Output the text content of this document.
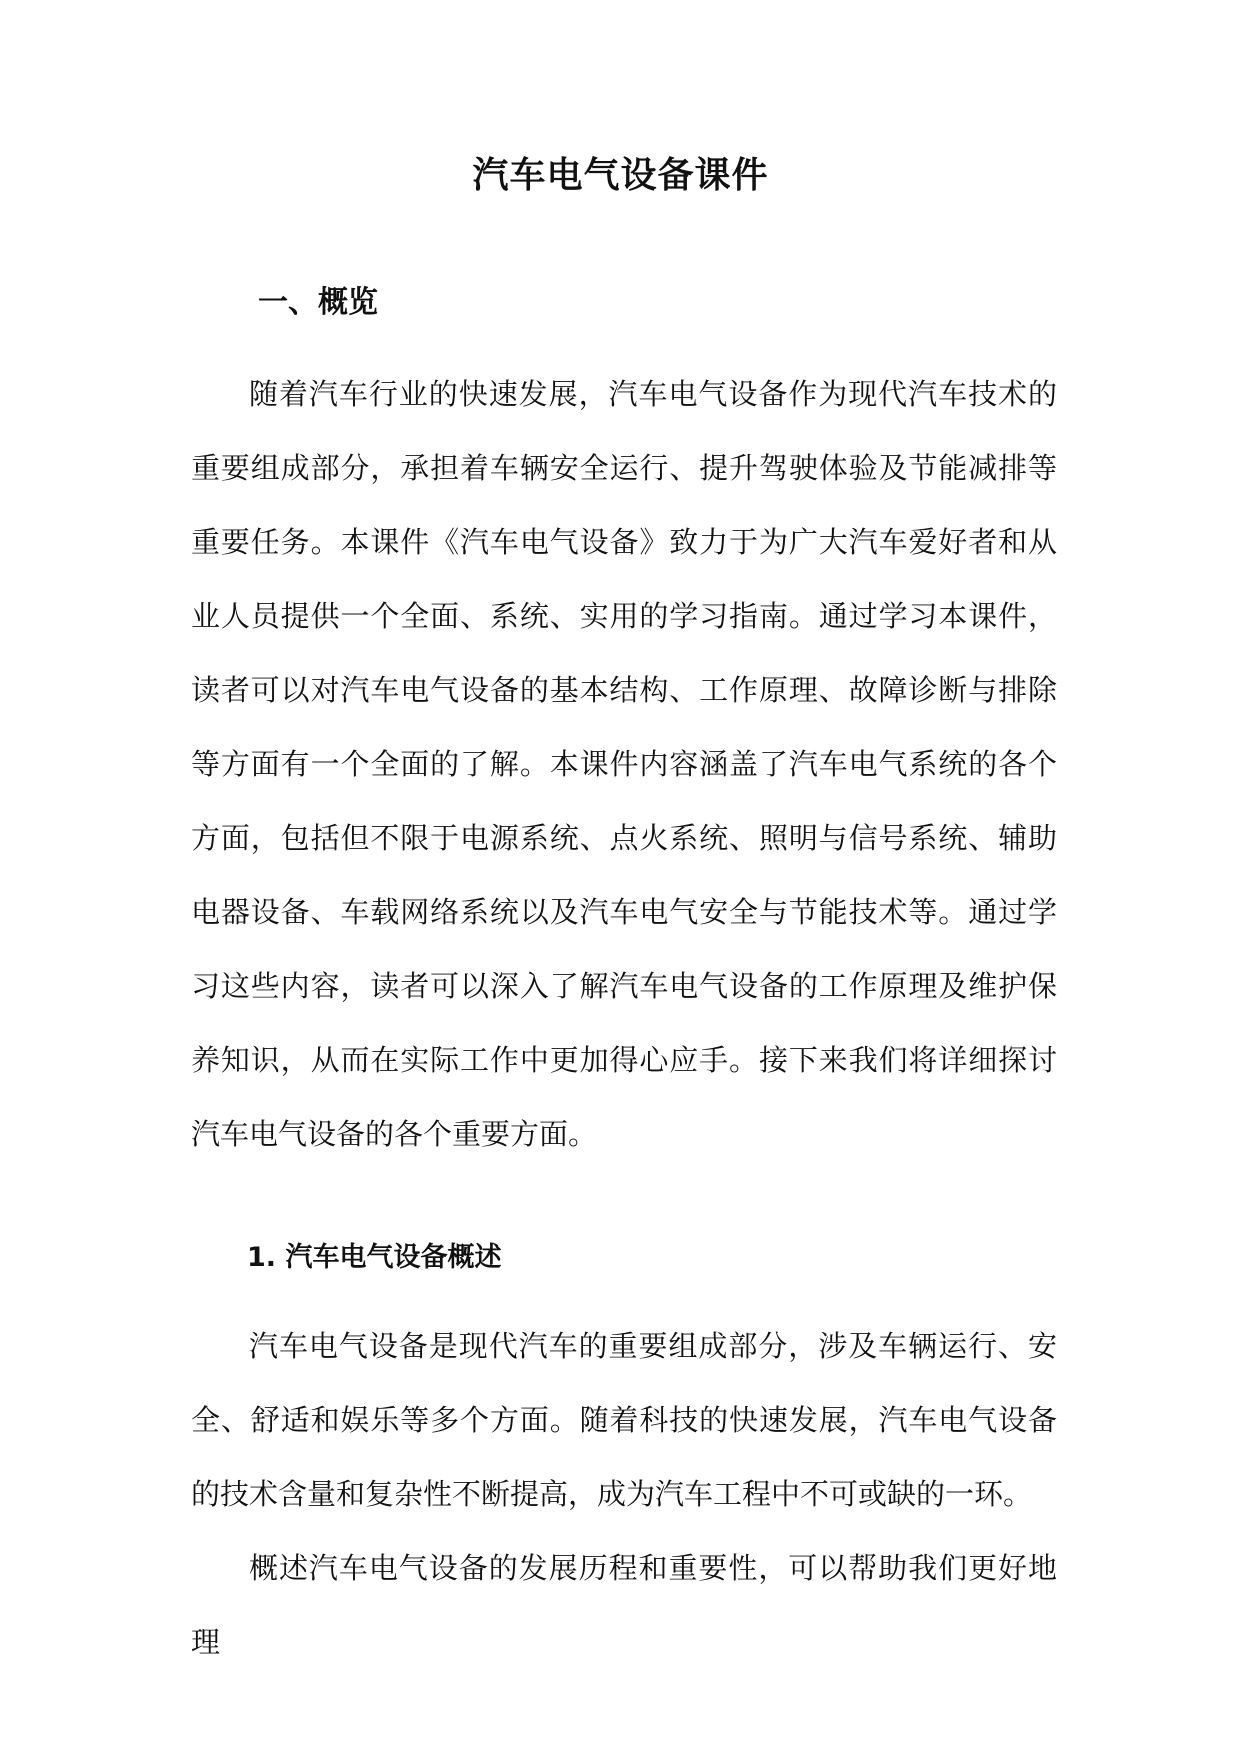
汽车电气设备课件
一、概览

随着汽车行业的快速发展，汽车电气设备作为现代汽车技术的重要组成部分，承担着车辆安全运行、提升驾驶体验及节能减排等重要任务。本课件《汽车电气设备》致力于为广大汽车爱好者和从业人员提供一个全面、系统、实用的学习指南。通过学习本课件，读者可以对汽车电气设备的基本结构、工作原理、故障诊断与排除等方面有一个全面的了解。本课件内容涵盖了汽车电气系统的各个方面，包括但不限于电源系统、点火系统、照明与信号系统、辅助电器设备、车载网络系统以及汽车电气安全与节能技术等。通过学习这些内容，读者可以深入了解汽车电气设备的工作原理及维护保养知识，从而在实际工作中更加得心应手。接下来我们将详细探讨汽车电气设备的各个重要方面。

1. 汽车电气设备概述

汽车电气设备是现代汽车的重要组成部分，涉及车辆运行、安全、舒适和娱乐等多个方面。随着科技的快速发展，汽车电气设备的技术含量和复杂性不断提高，成为汽车工程中不可或缺的一环。

概述汽车电气设备的发展历程和重要性，可以帮助我们更好地理
